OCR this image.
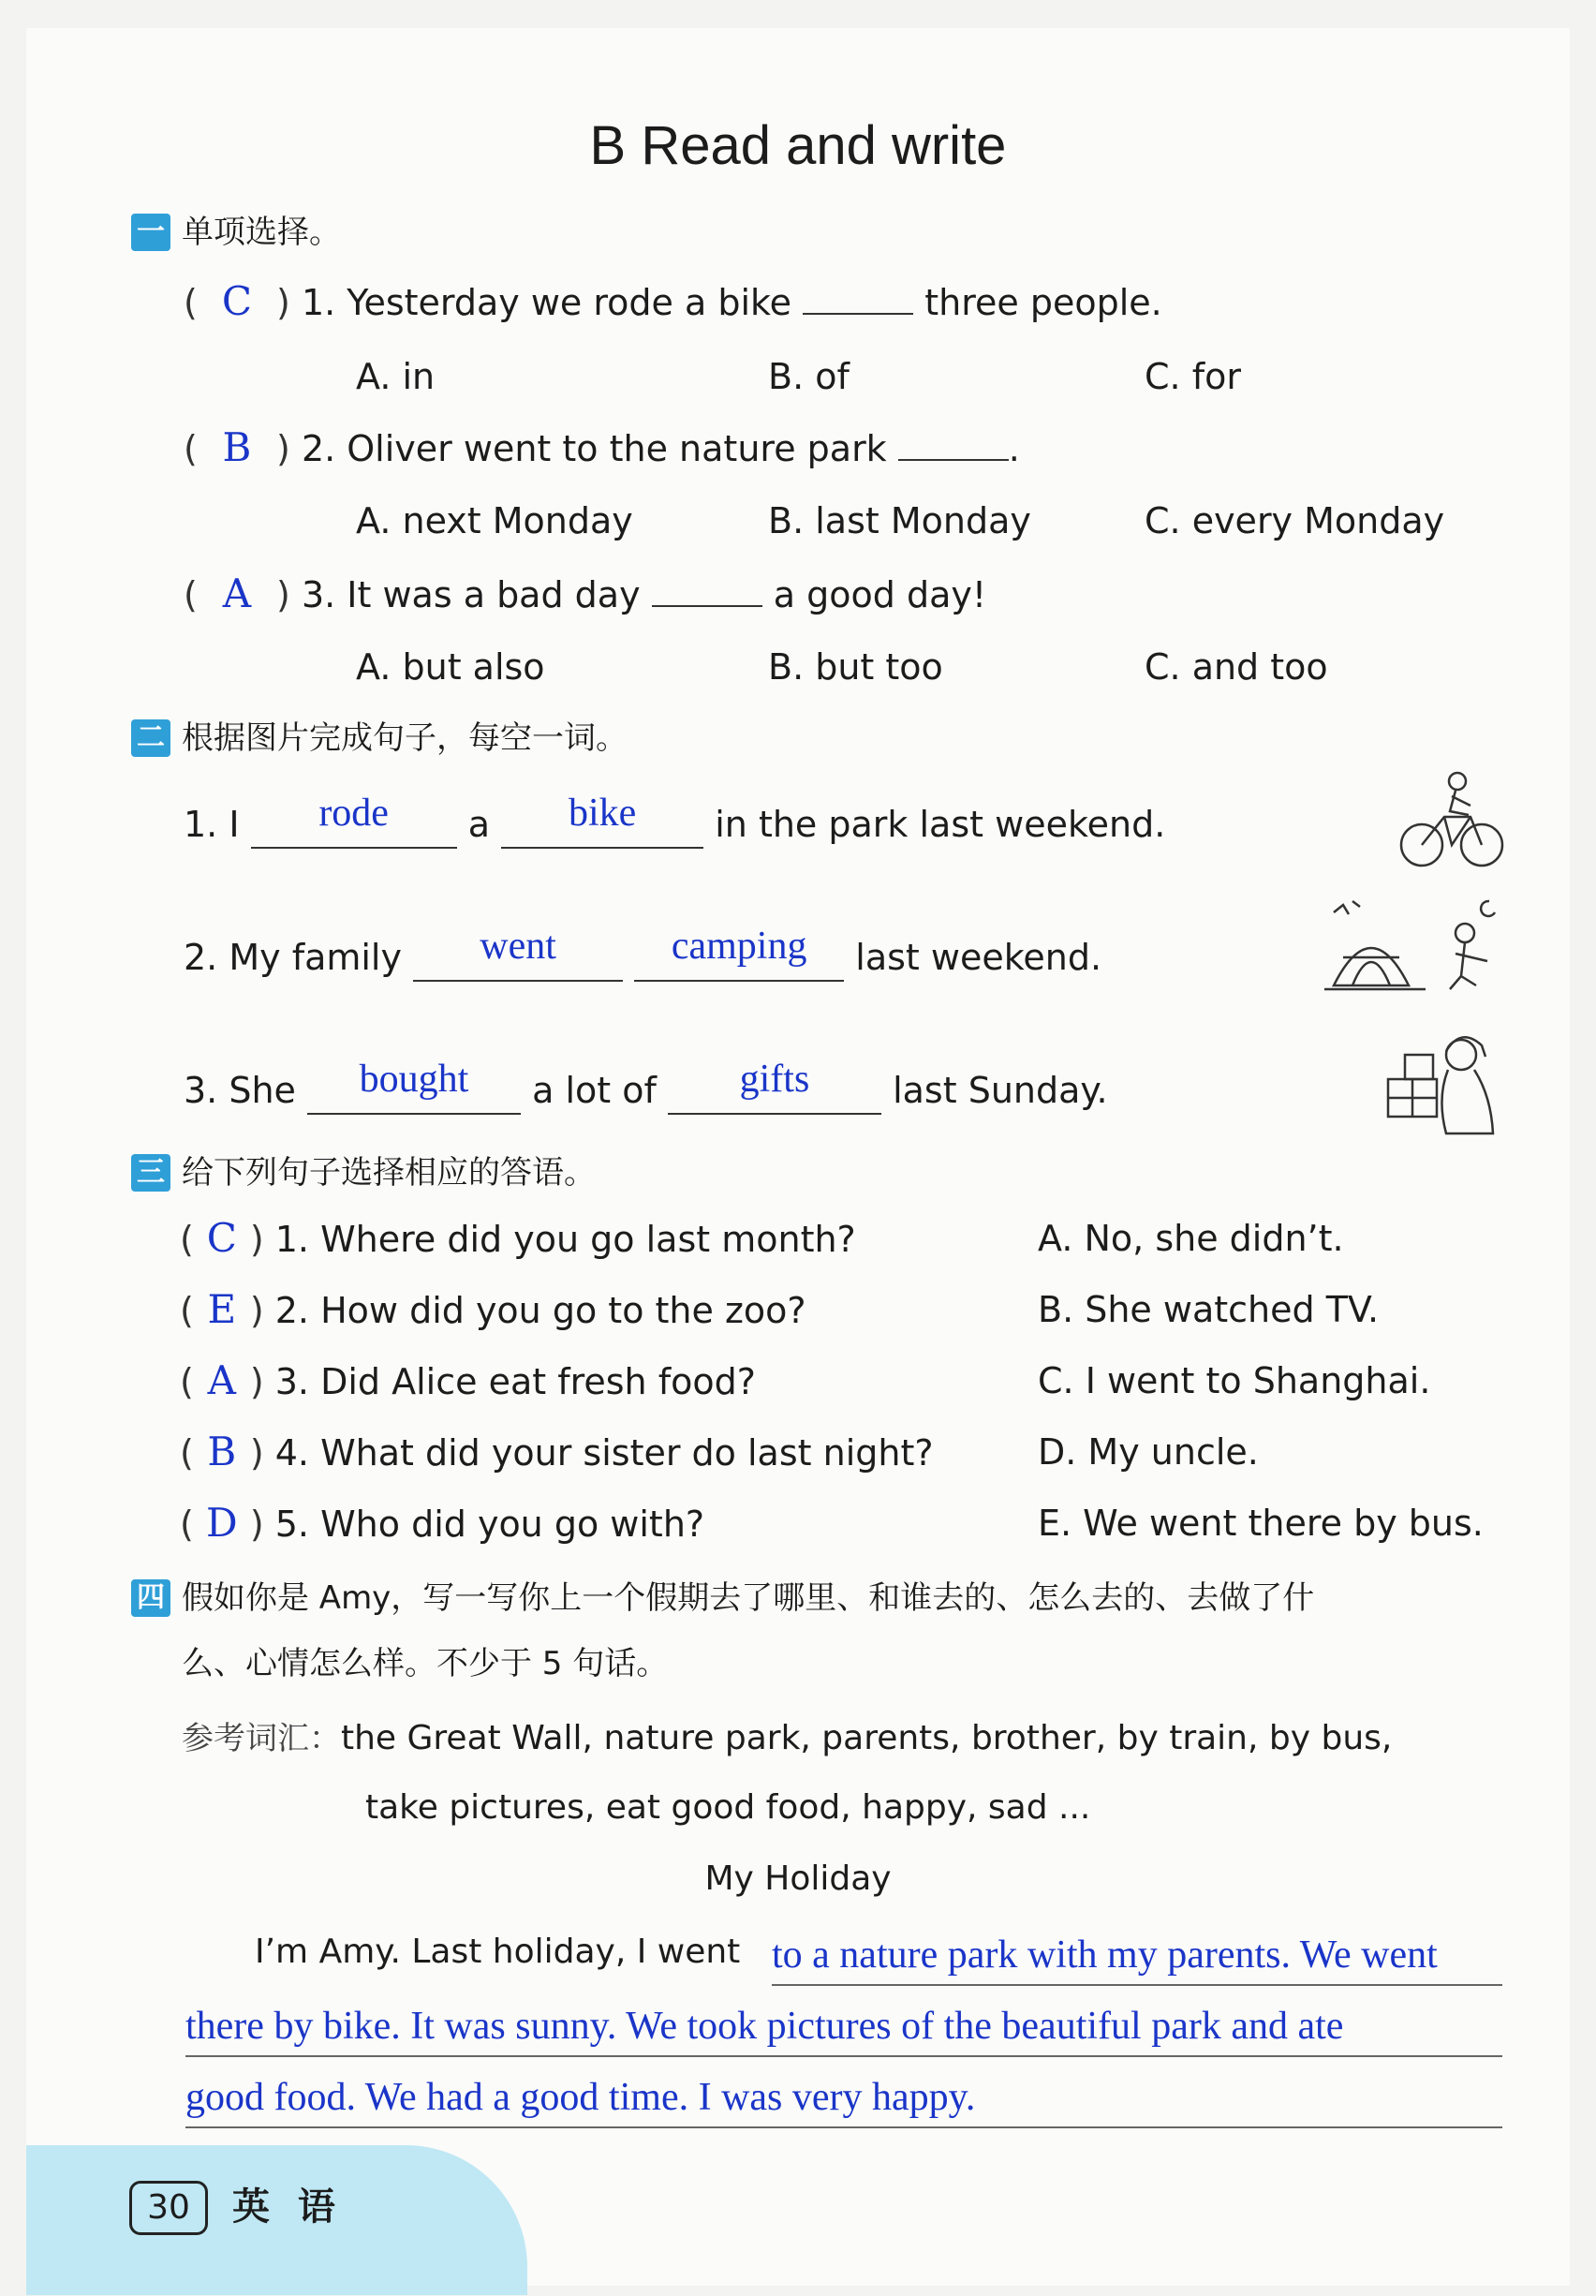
B Read and write
一 单项选择。
( C ) 1. Yesterday we rode a bike	three people.
A. in	B. of	C. for
( B ) 2. Oliver went to the nature park	.
A. next Monday	B. last Monday	C. every Monday
( A ) 3. It was a bad day	a good day!
A. but also	B. but too	C. and too
二 根据图片完成句子，每空一词。
1. I rode a bike in the park last weekend.
2. My family went	camping last weekend.
3. She bought a lot of gifts last Sunday.
三 给下列句子选择相应的答语。
( C ) 1. Where did you go last month?	A. No, she didn’t.
( E ) 2. How did you go to the zoo?	B. She watched TV.
( A ) 3. Did Alice eat fresh food?	C. I went to Shanghai.
( B ) 4. What did your sister do last night?	D. My uncle.
( D ) 5. Who did you go with?	E. We went there by bus.
四 假如你是 Amy，写一写你上一个假期去了哪里、和谁去的、怎么去的、去做了什
么、心情怎么样。不少于 5 句话。
参考词汇：the Great Wall, nature park, parents, brother, by train, by bus,
take pictures, eat good food, happy, sad ...
My Holiday
I’m Amy. Last holiday, I went to a nature park with my parents. We went
there by bike. It was sunny. We took pictures of the beautiful park and ate
good food. We had a good time. I was very happy.
30	英 语
